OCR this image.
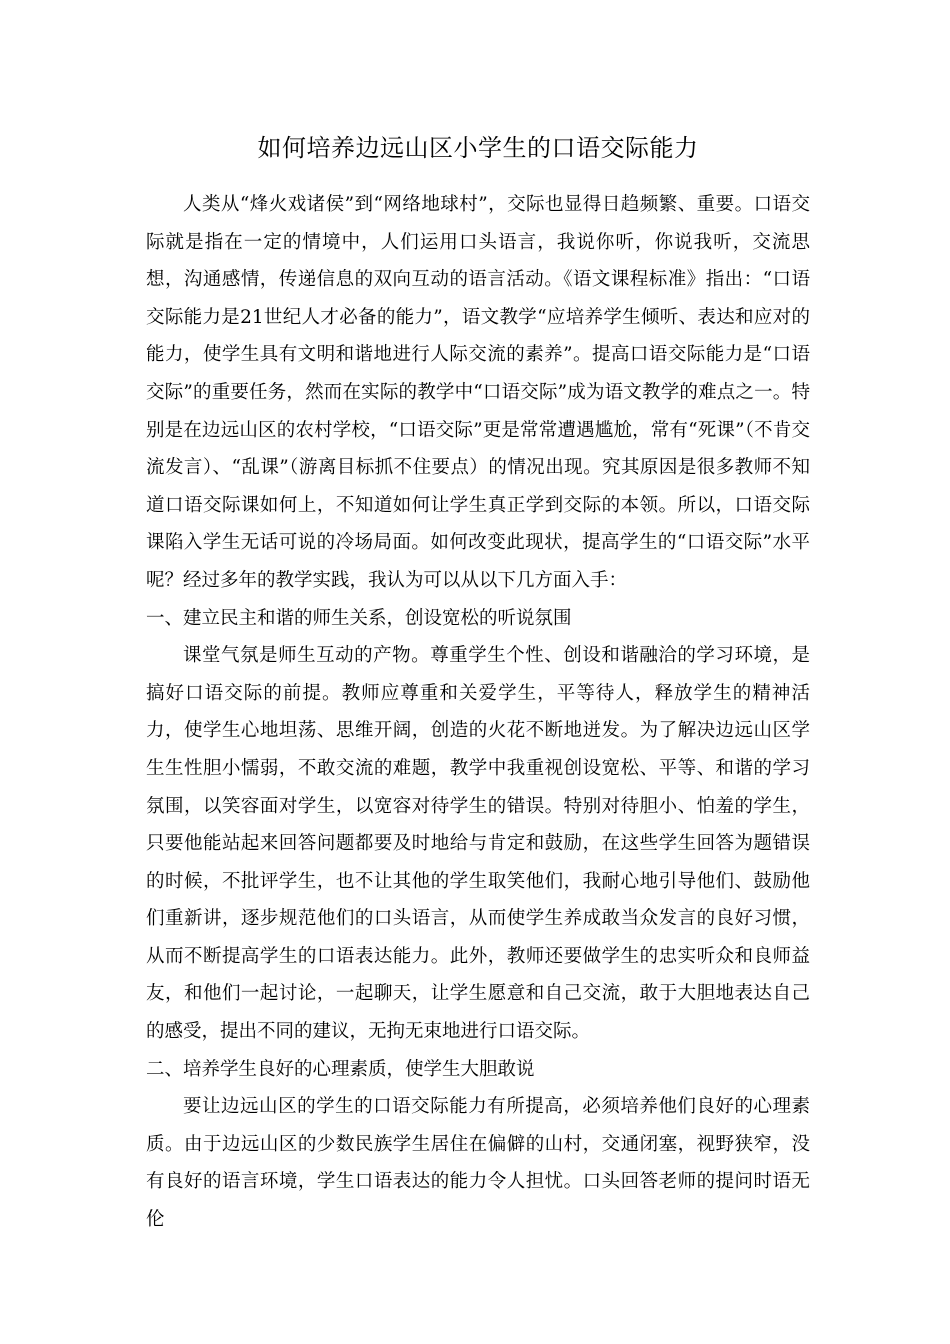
如何培养边远山区小学生的口语交际能力

人类从“烽火戏诸侯”到“网络地球村”，交际也显得日趋频繁、重要。口语交际就是指在一定的情境中，人们运用口头语言，我说你听，你说我听，交流思想，沟通感情，传递信息的双向互动的语言活动。《语文课程标准》指出：“口语交际能力是21世纪人才必备的能力”，语文教学“应培养学生倾听、表达和应对的能力，使学生具有文明和谐地进行人际交流的素养”。提高口语交际能力是“口语交际”的重要任务，然而在实际的教学中“口语交际”成为语文教学的难点之一。特别是在边远山区的农村学校，“口语交际”更是常常遭遇尴尬，常有“死课”（不肯交流发言）、“乱课”（游离目标抓不住要点）的情况出现。究其原因是很多教师不知道口语交际课如何上，不知道如何让学生真正学到交际的本领。所以，口语交际课陷入学生无话可说的冷场局面。如何改变此现状，提高学生的“口语交际”水平呢？经过多年的教学实践，我认为可以从以下几方面入手：

一、建立民主和谐的师生关系，创设宽松的听说氛围

课堂气氛是师生互动的产物。尊重学生个性、创设和谐融洽的学习环境，是搞好口语交际的前提。教师应尊重和关爱学生，平等待人，释放学生的精神活力，使学生心地坦荡、思维开阔，创造的火花不断地迸发。为了解决边远山区学生生性胆小懦弱，不敢交流的难题，教学中我重视创设宽松、平等、和谐的学习氛围，以笑容面对学生，以宽容对待学生的错误。特别对待胆小、怕羞的学生，只要他能站起来回答问题都要及时地给与肯定和鼓励，在这些学生回答为题错误的时候，不批评学生，也不让其他的学生取笑他们，我耐心地引导他们、鼓励他们重新讲，逐步规范他们的口头语言，从而使学生养成敢当众发言的良好习惯，从而不断提高学生的口语表达能力。此外，教师还要做学生的忠实听众和良师益友，和他们一起讨论，一起聊天，让学生愿意和自己交流，敢于大胆地表达自己的感受，提出不同的建议，无拘无束地进行口语交际。

二、培养学生良好的心理素质，使学生大胆敢说

要让边远山区的学生的口语交际能力有所提高，必须培养他们良好的心理素质。由于边远山区的少数民族学生居住在偏僻的山村，交通闭塞，视野狭窄，没有良好的语言环境，学生口语表达的能力令人担忧。口头回答老师的提问时语无伦
